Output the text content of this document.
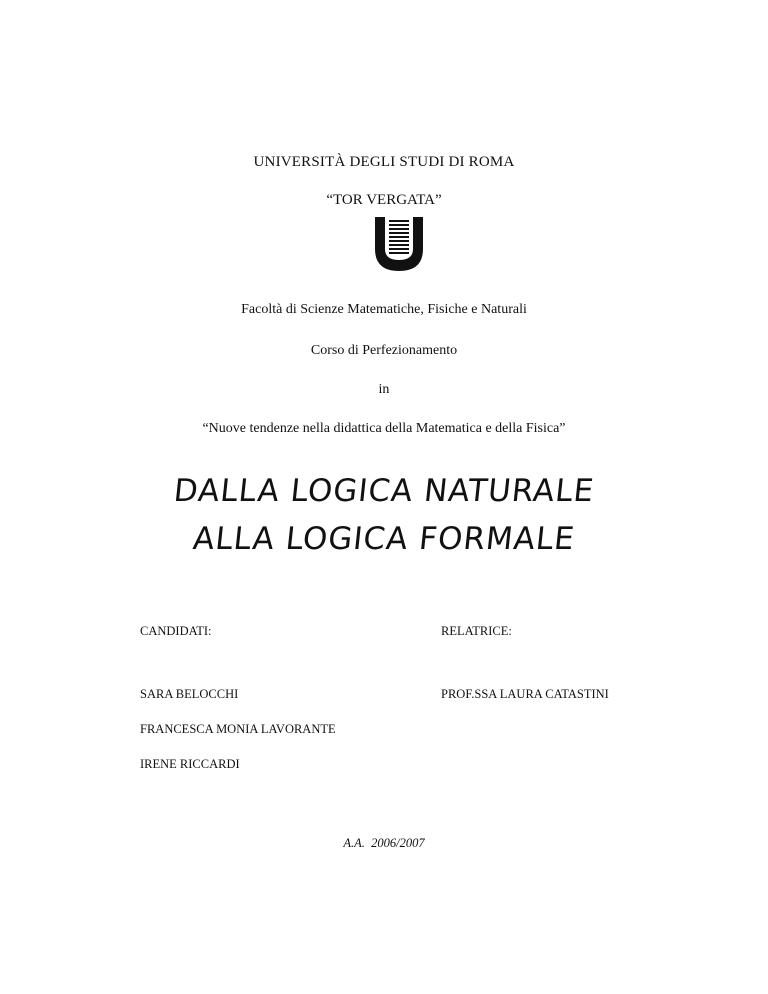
UNIVERSITÀ DEGLI STUDI DI ROMA
“TOR VERGATA”
Facoltà di Scienze Matematiche, Fisiche e Naturali
Corso di Perfezionamento
in
“Nuove tendenze nella didattica della Matematica e della Fisica”
DALLA LOGICA NATURALE
ALLA LOGICA FORMALE
CANDIDATI:	RELATRICE:
SARA BELOCCHI	PROF.SSA LAURA CATASTINI
FRANCESCA MONIA LAVORANTE
IRENE RICCARDI
A.A.  2006/2007
